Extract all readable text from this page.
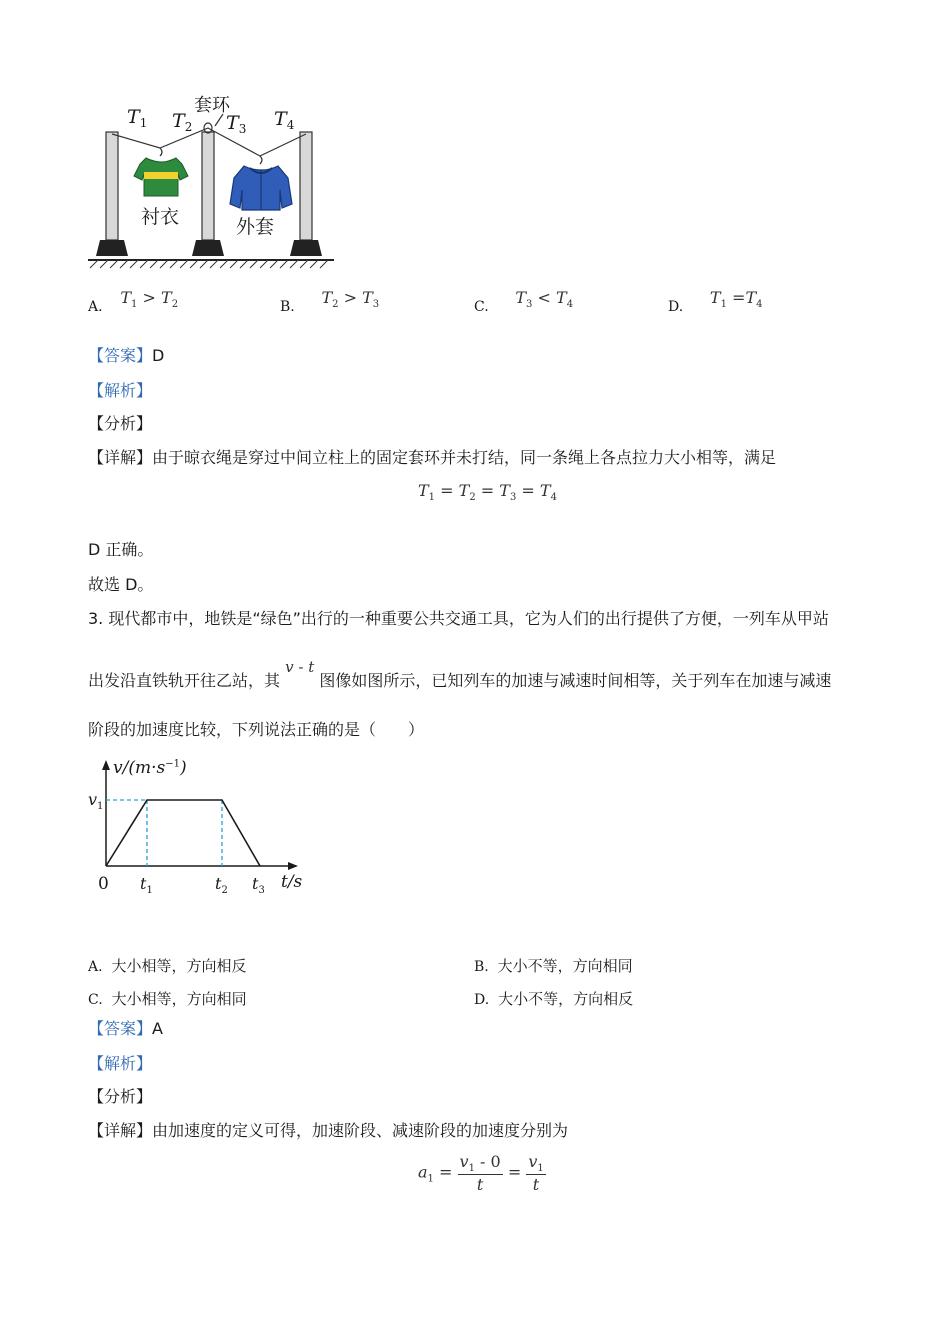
$T_1$ $T_2$ $T_3$ $T_4$
套环
衬衣	外套
A. $T_1 > T_2$	B. $T_2 > T_3$	C. $T_3 < T_4$	D. $T_1 =T_4$
【答案】D
【解析】
【分析】
【详解】由于晾衣绳是穿过中间立柱上的固定套环并未打结，同一条绳上各点拉力大小相等，满足
$T_1 = T_2 = T_3 = T_4$
D 正确。
故选 D。
3. 现代都市中，地铁是“绿色”出行的一种重要公共交通工具，它为人们的出行提供了方便，一列车从甲站
出发沿直铁轨开往乙站，其 v - t 图像如图所示，已知列车的加速与减速时间相等，关于列车在加速与减速
阶段的加速度比较，下列说法正确的是（　　）
$v/(m\cdot s^{-1})$
$v_1$
0 $t_1$	$t_2$ $t_3$ t/s
A. 大小相等，方向相反	B. 大小不等，方向相同
C. 大小相等，方向相同	D. 大小不等，方向相反
【答案】A
【解析】
【分析】
【详解】由加速度的定义可得，加速阶段、减速阶段的加速度分别为
$a_1 = \frac{v_1 - 0}{t} = \frac{v_1}{t}$
